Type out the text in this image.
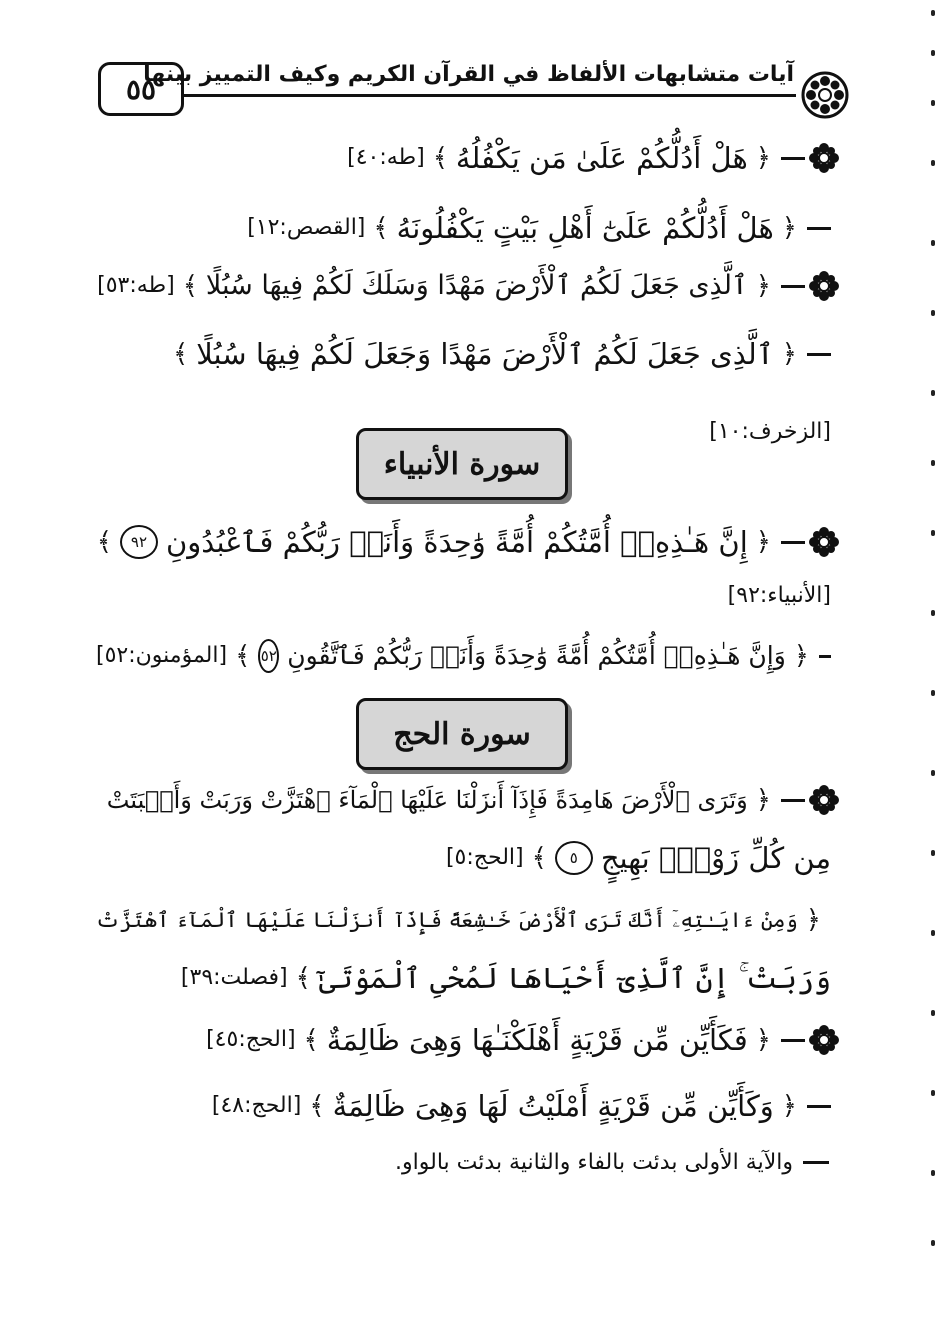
٥٥
آيات متشابهات الألفاظ في القرآن الكريم وكيف التمييز بينها
﴿
هَلْ أَدُلُّكُمْ عَلَىٰ مَن يَكْفُلُهُ
﴾
[طه:٤٠]
﴿
هَلْ أَدُلُّكُمْ عَلَىٰٓ أَهْلِ بَيْتٍ يَكْفُلُونَهُ
﴾
[القصص:١٢]
﴿
ٱلَّذِى جَعَلَ لَكُمُ ٱلْأَرْضَ مَهْدًا وَسَلَكَ لَكُمْ فِيهَا سُبُلًا
﴾
[طه:٥٣]
﴿
ٱلَّذِى جَعَلَ لَكُمُ ٱلْأَرْضَ مَهْدًا وَجَعَلَ لَكُمْ فِيهَا سُبُلًا
﴾
[الزخرف:١٠]
سورة الأنبياء
﴿
إِنَّ هَـٰذِهِۦٓ أُمَّتُكُمْ أُمَّةً وَٰحِدَةً وَأَنَا۠ رَبُّكُمْ فَٱعْبُدُونِ
٩٢
﴾
[الأنبياء:٩٢]
﴿
وَإِنَّ هَـٰذِهِۦٓ أُمَّتُكُمْ أُمَّةً وَٰحِدَةً وَأَنَا۠ رَبُّكُمْ فَٱتَّقُونِ
٥٢
﴾
[المؤمنون:٥٢]
سورة الحج
﴿
وَتَرَى ٱلْأَرْضَ هَامِدَةً فَإِذَآ أَنزَلْنَا عَلَيْهَا ٱلْمَآءَ ٱهْتَزَّتْ وَرَبَتْ وَأَنۢبَتَتْ
مِن كُلِّ زَوْجٍۭ بَهِيجٍ
٥
﴾
[الحج:٥]
﴿
وَمِنْ ءَايَـٰتِهِۦٓ أَنَّكَ تَرَى ٱلْأَرْضَ خَـٰشِعَةً فَإِذَآ أَنزَلْنَا عَلَيْهَا ٱلْمَآءَ ٱهْتَزَّتْ
وَرَبَتْ ۚ إِنَّ ٱلَّذِىٓ أَحْيَاهَا لَمُحْىِ ٱلْمَوْتَىٰٓ
﴾
[فصلت:٣٩]
﴿
فَكَأَيِّن مِّن قَرْيَةٍ أَهْلَكْنَـٰهَا وَهِىَ ظَالِمَةٌ
﴾
[الحج:٤٥]
﴿
وَكَأَيِّن مِّن قَرْيَةٍ أَمْلَيْتُ لَهَا وَهِىَ ظَالِمَةٌ
﴾
[الحج:٤٨]
والآية الأولى بدئت بالفاء والثانية بدئت بالواو.
